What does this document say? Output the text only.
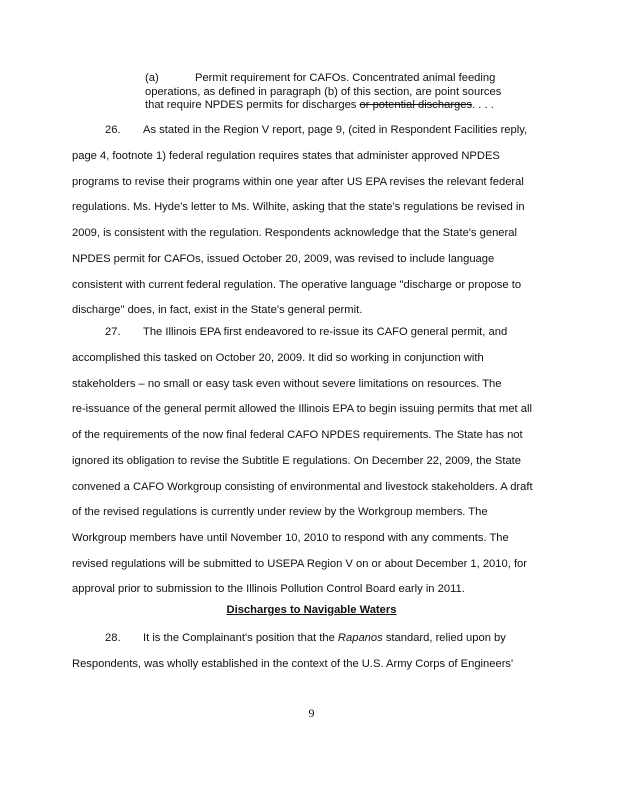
(a)	Permit requirement for CAFOs. Concentrated animal feeding
operations, as defined in paragraph (b) of this section, are point sources
that require NPDES permits for discharges or potential discharges. . . .
26. As stated in the Region V report, page 9, (cited in Respondent Facilities reply,
page 4, footnote 1) federal regulation requires states that administer approved NPDES
programs to revise their programs within one year after US EPA revises the relevant federal
regulations. Ms. Hyde's letter to Ms. Wilhite, asking that the state's regulations be revised in
2009, is consistent with the regulation. Respondents acknowledge that the State's general
NPDES permit for CAFOs, issued October 20, 2009, was revised to include language
consistent with current federal regulation. The operative language "discharge or propose to
discharge" does, in fact, exist in the State's general permit.
27. The Illinois EPA first endeavored to re-issue its CAFO general permit, and
accomplished this tasked on October 20, 2009. It did so working in conjunction with
stakeholders – no small or easy task even without severe limitations on resources. The
re-issuance of the general permit allowed the Illinois EPA to begin issuing permits that met all
of the requirements of the now final federal CAFO NPDES requirements. The State has not
ignored its obligation to revise the Subtitle E regulations. On December 22, 2009, the State
convened a CAFO Workgroup consisting of environmental and livestock stakeholders. A draft
of the revised regulations is currently under review by the Workgroup members. The
Workgroup members have until November 10, 2010 to respond with any comments. The
revised regulations will be submitted to USEPA Region V on or about December 1, 2010, for
approval prior to submission to the Illinois Pollution Control Board early in 2011.
Discharges to Navigable Waters
28. It is the Complainant's position that the Rapanos standard, relied upon by
Respondents, was wholly established in the context of the U.S. Army Corps of Engineers'
9
